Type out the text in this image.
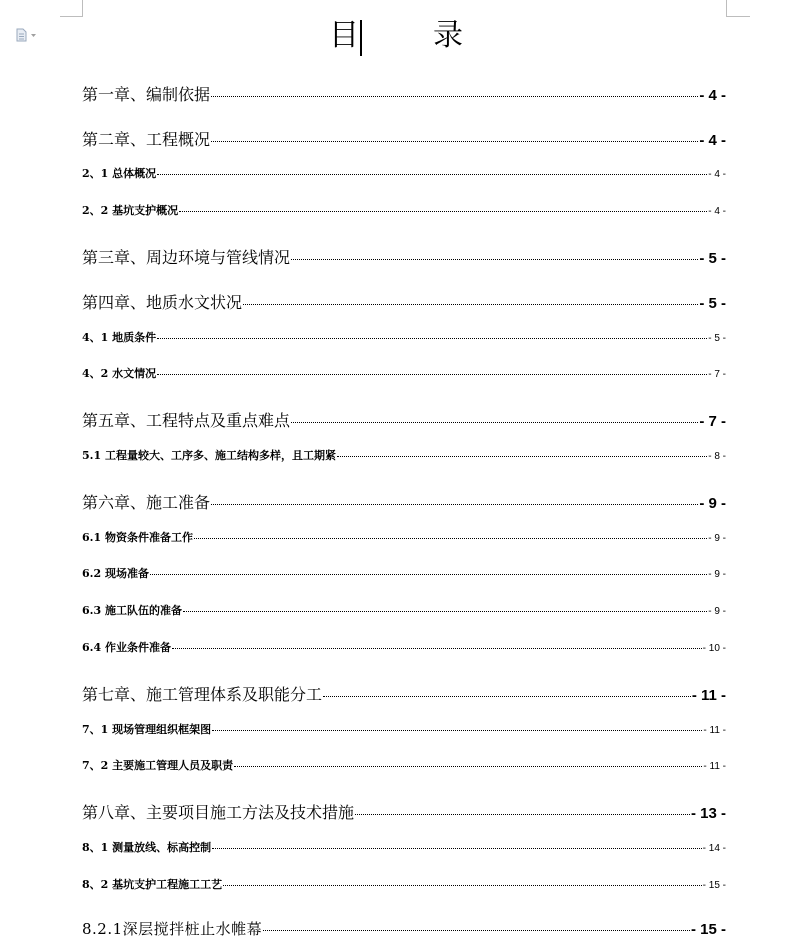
目　录
第一章、编制依据	- 4 -
第二章、工程概况	- 4 -
2、1 总体概况	- 4 -
2、2 基坑支护概况	- 4 -
第三章、周边环境与管线情况	- 5 -
第四章、地质水文状况	- 5 -
4、1 地质条件	- 5 -
4、2 水文情况	- 7 -
第五章、工程特点及重点难点	- 7 -
5.1 工程量较大、工序多、施工结构多样，且工期紧	- 8 -
第六章、施工准备	- 9 -
6.1 物资条件准备工作	- 9 -
6.2 现场准备	- 9 -
6.3 施工队伍的准备	- 9 -
6.4 作业条件准备	- 10 -
第七章、施工管理体系及职能分工	- 11 -
7、1 现场管理组织框架图	- 11 -
7、2 主要施工管理人员及职责	- 11 -
第八章、主要项目施工方法及技术措施	- 13 -
8、1 测量放线、标高控制	- 14 -
8、2 基坑支护工程施工工艺	- 15 -
8.2.1深层搅拌桩止水帷幕	- 15 -
